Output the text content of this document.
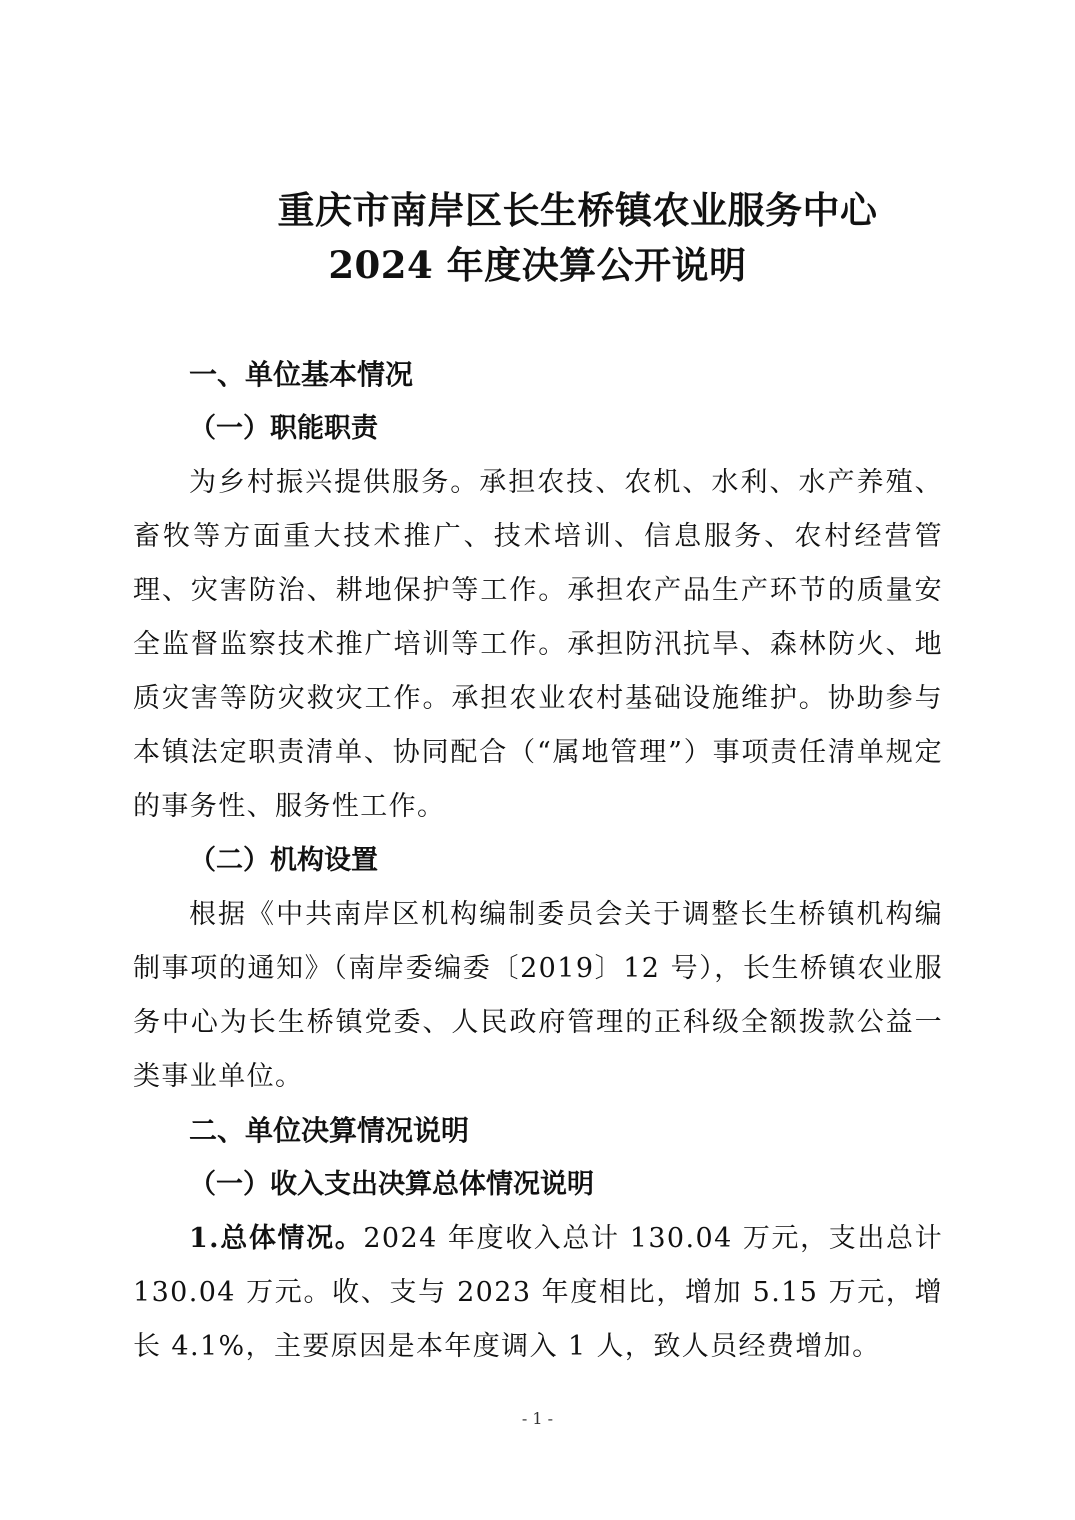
重庆市南岸区长生桥镇农业服务中心
2024 年度决算公开说明
一、单位基本情况
（一）职能职责

为乡村振兴提供服务。承担农技、农机、水利、水产养殖、畜牧等方面重大技术推广、技术培训、信息服务、农村经营管理、灾害防治、耕地保护等工作。承担农产品生产环节的质量安全监督监察技术推广培训等工作。承担防汛抗旱、森林防火、地质灾害等防灾救灾工作。承担农业农村基础设施维护。协助参与本镇法定职责清单、协同配合（“属地管理”）事项责任清单规定的事务性、服务性工作。

（二）机构设置

根据《中共南岸区机构编制委员会关于调整长生桥镇机构编制事项的通知》（南岸委编委〔2019〕12 号），长生桥镇农业服务中心为长生桥镇党委、人民政府管理的正科级全额拨款公益一类事业单位。

二、单位决算情况说明
（一）收入支出决算总体情况说明

1.总体情况。2024 年度收入总计 130.04 万元，支出总计 130.04 万元。收、支与 2023 年度相比，增加 5.15 万元，增长 4.1%，主要原因是本年度调入 1 人，致人员经费增加。

- 1 -
